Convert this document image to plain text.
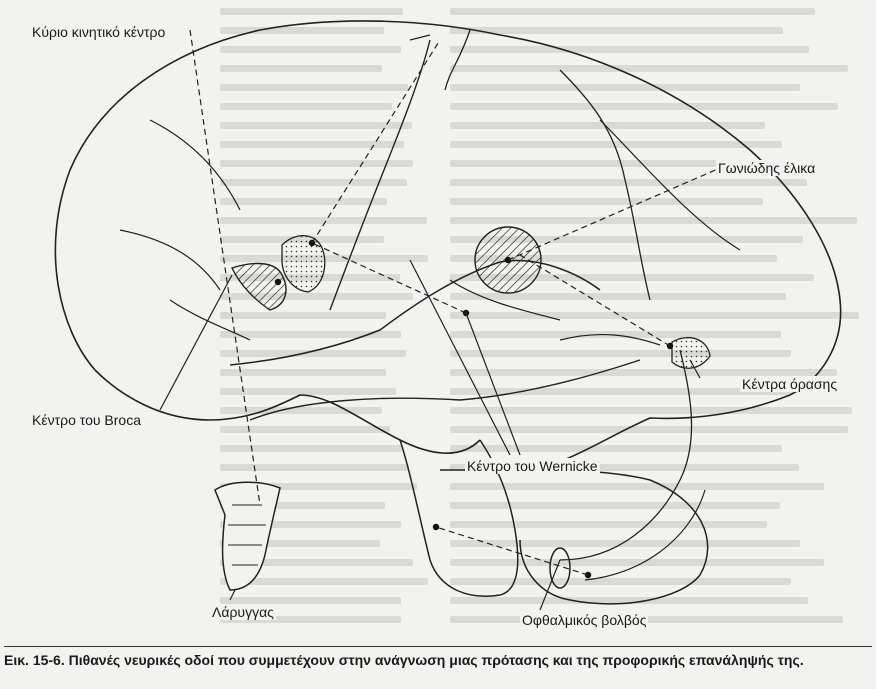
Κύριο κινητικό κέντρο
Γωνιώδης έλικα
Κέντρα όρασης
Κέντρο του Broca
Κέντρο του Wernicke
Λάρυγγας	Οφθαλμικός βολβός
Εικ. 15-6. Πιθανές νευρικές οδοί που συμμετέχουν στην ανάγνωση μιας πρότασης και της προφορικής επανάληψής της.
